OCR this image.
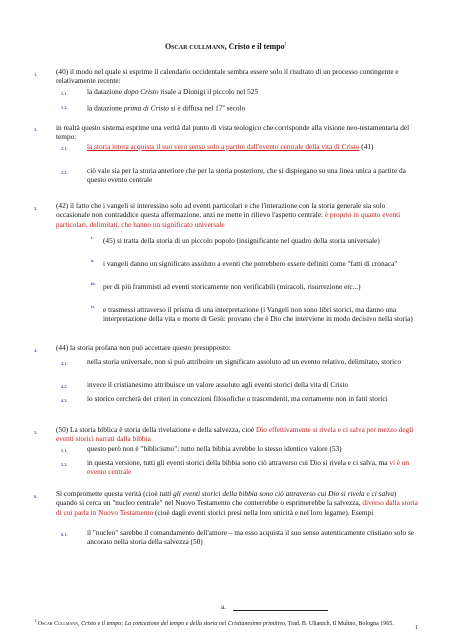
Oscar cullmann, Cristo e il tempo$^1$
1.	(40) il modo nel quale si esprime il calendario occidentale sembra essere solo il risultato di un processo contingente e relativamente recente:
1.1.	la datazione dopo Cristo risale a Dionigi il piccolo nel 525
1.2.	la datazione prima di Cristo si è diffusa nel 17$^o$ secolo
2.	in realtà questo sistema esprime una verità dal punto di vista teologico che corrisponde alla visione neo-testamentaria del tempo:
2.1.	la storia intera acquista il suo vero senso solo a partire dall'evento centrale della vita di Cristo (41)
2.2.	ciò vale sia per la storia anteriore che per la storia posteriore, che si dispiegano su una linea unica a partire da questo evento centrale
3.	(42) il fatto che i vangeli si interessino solo ad eventi particolari e che l'interazione con la storia generale sia solo occasionale non contraddice questa affermazione, anzi ne mette in rilievo l'aspetto centrale: è proprio in quanto eventi particolari, delimitati, che hanno un significato universale
i. (45) si tratta della storia di un piccolo popolo (insignificante nel quadro della storia universale)
ii. i vangeli danno un significato assoluto a eventi che potrebbero essere definiti come "fatti di cronaca"
iii. per di più frammisti ad eventi storicamente non verificabili (miracoli, risurrezione etc...)
iv. e trasmessi attraverso il prisma di una interpretazione (i Vangeli non sono libri storici, ma danno una interpretazione della vita e morte di Gesù: provano che è Dio che interviene in modo decisivo nella storia)
4.	(44) la storia profana non può accettare questo presupposto:
4.1.	nella storia universale, non si può attribuire un significato assoluto ad un evento relativo, delimitato, storico
4.2.	invece il cristianesimo attribuisce un valore assoluto agli eventi storici della vita di Cristo
4.3.	lo storico cercherà dei criteri in concezioni filosofiche o trascendenti, ma certamente non in fatti storici
5.	(50) La storia biblica è storia della rivelazione e della salvezza, cioè Dio effettivamente si rivela e ci salva per mezzo degli eventi storici narrati dalla bibbia
5.1.	questo però non è "biblicismo": tutto nella bibbia avrebbe lo stesso identico valore (53)
5.2.	in questa versione, tutti gli eventi storici della bibbia sono ciò attraverso cui Dio si rivela e ci salva, ma vi è un evento centrale
6.	Si compromette questa verità (cioè tutti gli eventi storici della bibbia sono ciò attraverso cui Dio si rivela e ci salva) quando si cerca un "nucleo centrale" nel Nuovo Testamento che conterrebbe o esprimerebbe la salvezza, diverso dalla storia di cui parla in Nuovo Testamento (cioè dagli eventi storici presi nella loro unicità e nel loro legame). Esempi
6.1.	il "nucleo" sarebbe il comandamento dell'amore – ma esso acquista il suo senso autenticamente cristiano solo se ancorato nella storia della salvezza (50)
a.
$^1$ Oscar Cullmann, Cristo e il tempo: La concezione del tempo e della storia nel Cristianesimo primitivo, Trad. B. Ulianich, Il Mulino, Bologna 1965.
1
